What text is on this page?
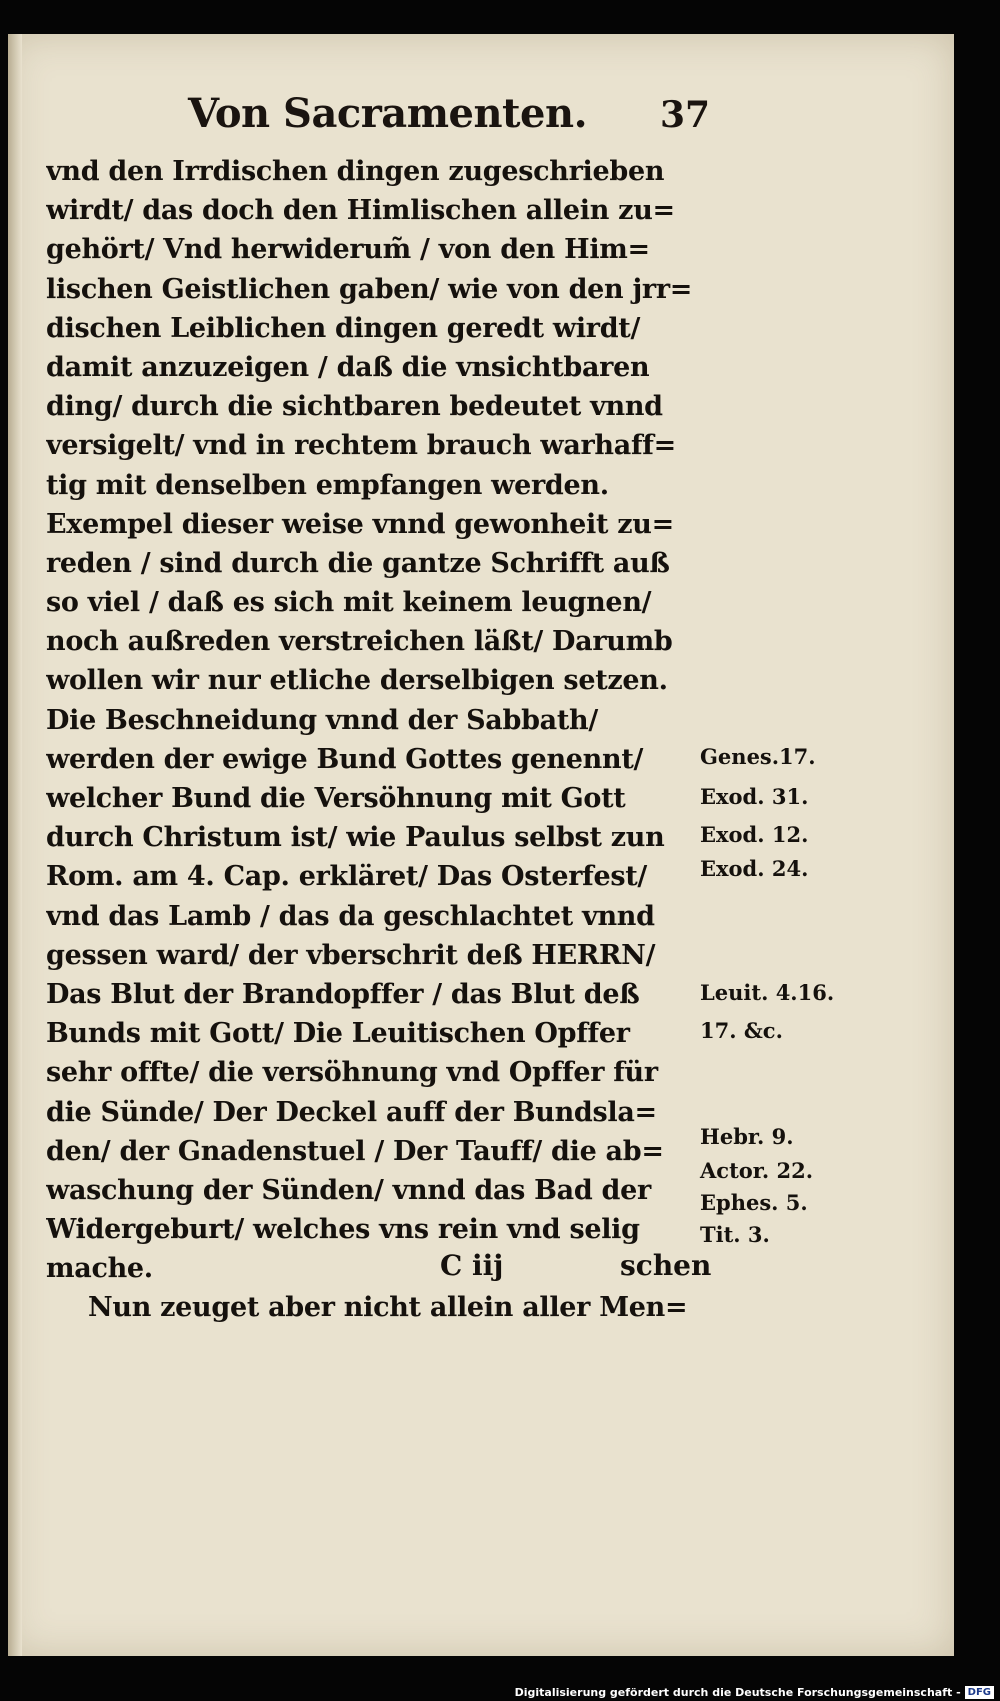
Von Sacramenten. 37
vnd den Irrdischen dingen zugeschrieben
wirdt/ das doch den Himlischen allein zu=
gehört/ Vnd herwiderum̃ / von den Him=
lischen Geistlichen gaben/ wie von den jrr=
dischen Leiblichen dingen geredt wirdt/
damit anzuzeigen / daß die vnsichtbaren
ding/ durch die sichtbaren bedeutet vnnd
versigelt/ vnd in rechtem brauch warhaff=
tig mit denselben empfangen werden.
Exempel dieser weise vnnd gewonheit zu=
reden / sind durch die gantze Schrifft auß
so viel / daß es sich mit keinem leugnen/
noch außreden verstreichen läßt/ Darumb
wollen wir nur etliche derselbigen setzen.
Die Beschneidung vnnd der Sabbath/
werden der ewige Bund Gottes genennt/
welcher Bund die Versöhnung mit Gott
durch Christum ist/ wie Paulus selbst zun
Rom. am 4. Cap. erkläret/ Das Osterfest/
vnd das Lamb / das da geschlachtet vnnd
gessen ward/ der vberschrit deß HERRN/
Das Blut der Brandopffer / das Blut deß
Bunds mit Gott/ Die Leuitischen Opffer
sehr offte/ die versöhnung vnd Opffer für
die Sünde/ Der Deckel auff der Bundsla=
den/ der Gnadenstuel / Der Tauff/ die ab=
waschung der Sünden/ vnnd das Bad der
Widergeburt/ welches vns rein vnd selig
mache.
Nun zeuget aber nicht allein aller Men=
Genes.17.
Exod. 31.
Exod. 12.
Exod. 24.
Leuit. 4.16.
17. &c.
Hebr. 9.
Actor. 22.
Ephes. 5.
Tit. 3.
C iij	schen
Digitalisierung gefördert durch die Deutsche Forschungsgemeinschaft - DFG
